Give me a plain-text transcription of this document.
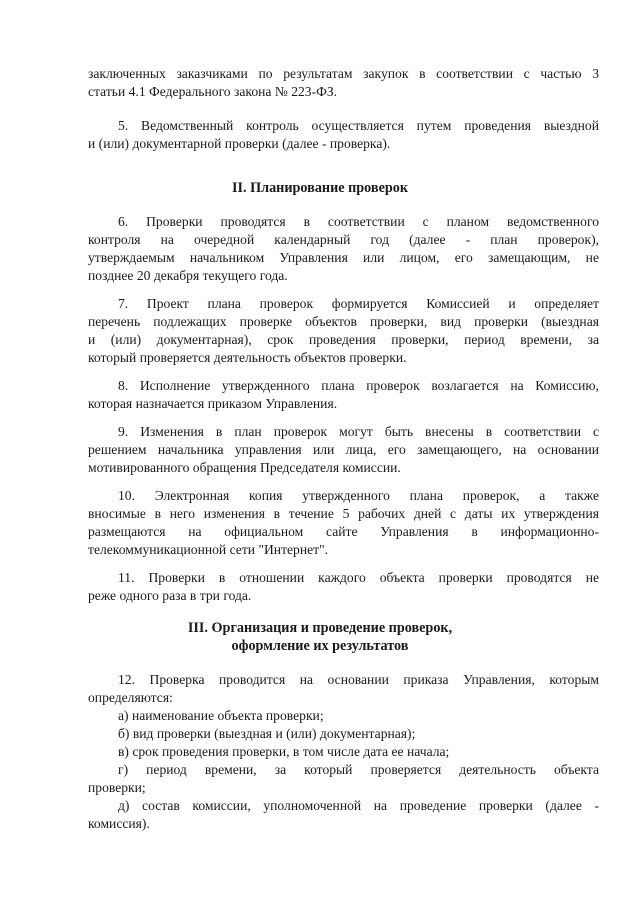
заключенных заказчиками по результатам закупок в соответствии с частью 3
статьи 4.1 Федерального закона № 223-ФЗ.
5. Ведомственный контроль осуществляется путем проведения выездной
и (или) документарной проверки (далее - проверка).
II. Планирование проверок
6. Проверки проводятся в соответствии с планом ведомственного
контроля на очередной календарный год (далее - план проверок),
утверждаемым начальником Управления или лицом, его замещающим, не
позднее 20 декабря текущего года.
7. Проект плана проверок формируется Комиссией и определяет
перечень подлежащих проверке объектов проверки, вид проверки (выездная
и (или) документарная), срок проведения проверки, период времени, за
который проверяется деятельность объектов проверки.
8. Исполнение утвержденного плана проверок возлагается на Комиссию,
которая назначается приказом Управления.
9. Изменения в план проверок могут быть внесены в соответствии с
решением начальника управления или лица, его замещающего, на основании
мотивированного обращения Председателя комиссии.
10. Электронная копия утвержденного плана проверок, а также
вносимые в него изменения в течение 5 рабочих дней с даты их утверждения
размещаются на официальном сайте Управления в информационно-
телекоммуникационной сети "Интернет".
11. Проверки в отношении каждого объекта проверки проводятся не
реже одного раза в три года.
III. Организация и проведение проверок,
оформление их результатов
12. Проверка проводится на основании приказа Управления, которым
определяются:
а) наименование объекта проверки;
б) вид проверки (выездная и (или) документарная);
в) срок проведения проверки, в том числе дата ее начала;
г) период времени, за который проверяется деятельность объекта
проверки;
д) состав комиссии, уполномоченной на проведение проверки (далее -
комиссия).
